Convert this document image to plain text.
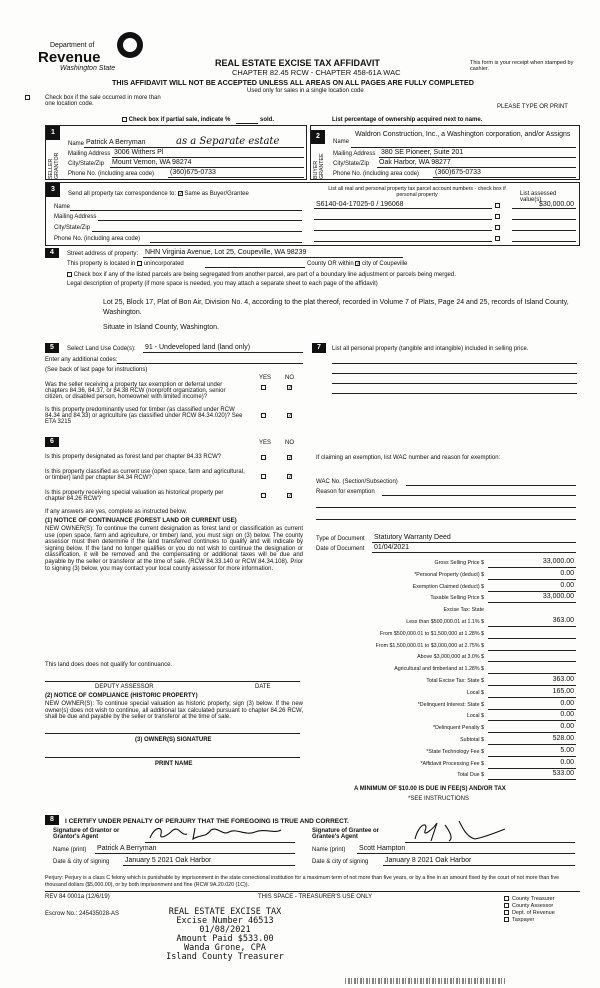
Department of
Revenue
Washington State
REAL ESTATE EXCISE TAX AFFIDAVIT
CHAPTER 82.45 RCW - CHAPTER 458-61A WAC
THIS AFFIDAVIT WILL NOT BE ACCEPTED UNLESS ALL AREAS ON ALL PAGES ARE FULLY COMPLETED
Used only for sales in a single location code
This form is your receipt when stamped by cashier.
Check box if the sale occurred in more than one location code.	PLEASE TYPE OR PRINT
Check box if partial sale, indicate %	sold.	List percentage of ownership acquired next to name.
1
SELLER GRANTOR
Name Patrick A Berryman	as a Separate estate
Mailing Address 3006 Withers Pl
City/State/Zip Mount Vernon, WA 98274
Phone No. (including area code) (360)675-0733
2
BUYER GRANTEE
Waldron Construction, Inc., a Washington corporation, and/or Assigns
Name
Mailing Address 380 SE Pioneer, Suite 201
City/State/Zip Oak Harbor, WA 98277
Phone No. (including area code) (360)675-0733
3
Send all property tax correspondence to: ✓ Same as Buyer/Grantee
Name
Mailing Address
City/State/Zip
Phone No. (including area code)
List all real and personal property tax parcel account numbers - check box if personal property	List assessed value(s)
S6140-04-17025-0 / 196068	$30,000.00
4	Street address of property: NHN Virginia Avenue, Lot 25, Coupeville, WA 98239
This property is located in unincorporated	County OR within ✓ city of Coupeville
Check box if any of the listed parcels are being segregated from another parcel, are part of a boundary line adjustment or parcels being merged.
Legal description of property (if more space is needed, you may attach a separate sheet to each page of the affidavit)
Lot 25, Block 17, Plat of Bon Air, Division No. 4, according to the plat thereof, recorded in Volume 7 of Plats, Page 24 and 25, records of Island County, Washington.
Situate in Island County, Washington.
5	Select Land Use Code(s): 91 - Undeveloped land (land only)
Enter any additional codes:
(See back of last page for instructions)
YES NO
Was the seller receiving a property tax exemption or deferral under chapters 84.36, 84.37, or 84.38 RCW (nonprofit organization, senior citizen, or disabled person, homeowner with limited income)?
✓
Is this property predominantly used for timber (as classified under RCW 84.34 and 84.33) or agriculture (as classified under RCW 84.34.020)? See ETA 3215
✓
6	YES NO
Is this property designated as forest land per chapter 84.33 RCW?	✓
Is this property classified as current use (open space, farm and agricultural, or timber) land per chapter 84.34 RCW?	✓
Is this property receiving special valuation as historical property per chapter 84.26 RCW?	✓
If any answers are yes, complete as instructed below.
(1) NOTICE OF CONTINUANCE (FOREST LAND OR CURRENT USE)
NEW OWNER(S): To continue the current designation as forest land or classification as current use (open space, farm and agriculture, or timber) land, you must sign on (3) below. The county assessor must then determine if the land transferred continues to qualify and will indicate by signing below. If the land no longer qualifies or you do not wish to continue the designation or classification, it will be removed and the compensating or additional taxes will be due and payable by the seller or transferor at the time of sale. (RCW 84.33.140 or RCW 84.34.108). Prior to signing (3) below, you may contact your local county assessor for more information.
This land does does not qualify for continuance.
DEPUTY ASSESSOR	DATE
(2) NOTICE OF COMPLIANCE (HISTORIC PROPERTY)
NEW OWNER(S): To continue special valuation as historic property, sign (3) below. If the new owner(s) does not wish to continue, all additional tax calculated pursuant to chapter 84.26 RCW, shall be due and payable by the seller or transferor at the time of sale.
(3) OWNER(S) SIGNATURE
PRINT NAME
7	List all personal property (tangible and intangible) included in selling price.
If claiming an exemption, list WAC number and reason for exemption:
WAC No. (Section/Subsection)
Reason for exemption
Type of Document Statutory Warranty Deed
Date of Document 01/04/2021
Gross Selling Price $	33,000.00
*Personal Property (deduct) $	0.00
Exemption Claimed (deduct) $	0.00
Taxable Selling Price $	33,000.00
Excise Tax: State
Less than $500,000.01 at 1.1% $	363.00
From $500,000.01 to $1,500,000 at 1.28% $
From $1,500,000.01 to $3,000,000 at 2.75% $
Above $3,000,000 at 3.0% $
Agricultural and timberland at 1.28% $
Total Excise Tax: State $	363.00
Local $	165.00
*Delinquent Interest: State $	0.00
Local $	0.00
*Delinquent Penalty $	0.00
Subtotal $	528.00
*State Technology Fee $	5.00
*Affidavit Processing Fee $	0.00
Total Due $	533.00
A MINIMUM OF $10.00 IS DUE IN FEE(S) AND/OR TAX
*SEE INSTRUCTIONS
8	I CERTIFY UNDER PENALTY OF PERJURY THAT THE FOREGOING IS TRUE AND CORRECT.
Signature of Grantor or Grantor's Agent
Name (print) Patrick A Berryman
Date & city of signing January 5 2021 Oak Harbor
Signature of Grantee or Grantee's Agent
Name (print) Scott Hampton
Date & city of signing January 8 2021 Oak Harbor
Perjury: Perjury is a class C felony which is punishable by imprisonment in the state correctional institution for a maximum term of not more than five years, or by a fine in an amount fixed by the court of not more than five thousand dollars ($5,000.00), or by both imprisonment and fine (RCW 9A.20.020 (1C)).
REV 84 0001a (12/6/19)	THIS SPACE - TREASURER'S USE ONLY
Escrow No.: 245435028-AS
County Treasurer
County Assessor
Dept. of Revenue
Taxpayer
REAL ESTATE EXCISE TAX
Excise Number 46513
01/08/2021
Amount Paid $533.00
Wanda Grone, CPA
Island County Treasurer
